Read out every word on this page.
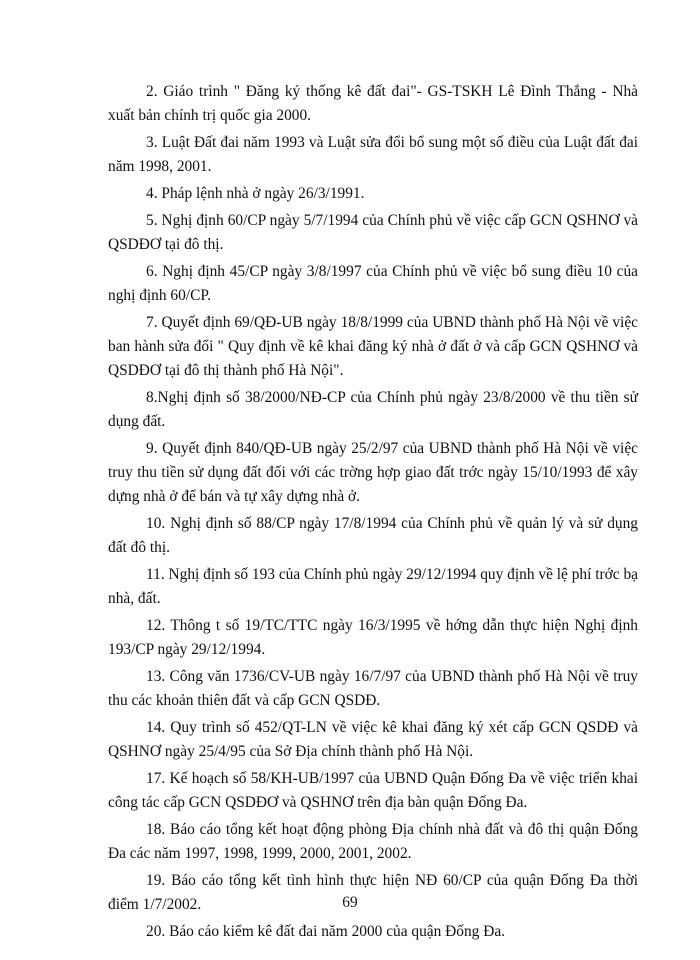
2. Giáo trình " Đăng ký thống kê đất đai"- GS-TSKH Lê Đình Thắng - Nhà xuất bản chính trị quốc gia 2000.
3. Luật Đất đai năm 1993 và Luật sửa đổi bổ sung một số điều của Luật đất đai năm 1998, 2001.
4. Pháp lệnh nhà ở ngày 26/3/1991.
5. Nghị định 60/CP ngày 5/7/1994 của Chính phủ về việc cấp GCN QSHNƠ và QSDĐƠ tại đô thị.
6. Nghị định 45/CP ngày 3/8/1997 của Chính phủ về việc bổ sung điều 10 của nghị định 60/CP.
7. Quyết định 69/QĐ-UB ngày 18/8/1999 của UBND thành phố Hà Nội về việc ban hành sửa đổi " Quy định về kê khai đăng ký nhà ở đất ở và cấp GCN QSHNƠ và QSDĐƠ tại đô thị thành phố Hà Nội".
8.Nghị định số 38/2000/NĐ-CP của Chính phủ ngày 23/8/2000 về thu tiền sử dụng đất.
9. Quyết định 840/QĐ-UB ngày 25/2/97 của UBND thành phố Hà Nội về việc truy thu tiền sử dụng đất đối với các trờng hợp giao đất trớc ngày 15/10/1993 để xây dựng nhà ở để bán và tự xây dựng nhà ở.
10. Nghị định số 88/CP ngày 17/8/1994 của Chính phủ về quản lý và sử dụng đất đô thị.
11. Nghị định số 193 của Chính phủ ngày 29/12/1994 quy định về lệ phí trớc bạ nhà, đất.
12. Thông t số 19/TC/TTC ngày 16/3/1995 về hớng dẫn thực hiện Nghị định 193/CP ngày 29/12/1994.
13. Công văn 1736/CV-UB ngày 16/7/97 của UBND thành phố Hà Nội về truy thu các khoản thiên đất và cấp GCN QSDĐ.
14. Quy trình số 452/QT-LN về việc kê khai đăng ký xét cấp GCN QSDĐ và QSHNƠ ngày 25/4/95 của Sở Địa chính thành phố Hà Nội.
17. Kế hoạch số 58/KH-UB/1997 của UBND Quận Đống Đa về việc triển khai công tác cấp GCN QSDĐƠ và QSHNƠ trên địa bàn quận Đống Đa.
18. Báo cáo tổng kết hoạt động phòng Địa chính nhà đất và đô thị quận Đống Đa các năm 1997, 1998, 1999, 2000, 2001, 2002.
19. Báo cáo tổng kết tình hình thực hiện NĐ 60/CP của quận Đống Đa thời điểm 1/7/2002.
20. Báo cáo kiểm kê đất đai năm 2000 của quận Đống Đa.
69
